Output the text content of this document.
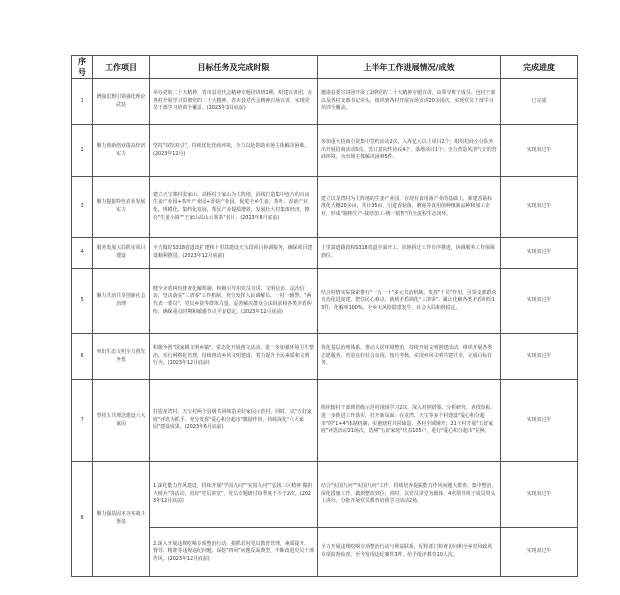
序号	工作项目	目标任务及完成时限	上半年工作进展情况/成效	完成进度
1	增强思想引领强化理论武装	举办党的二十大精神、省市县党代会精神专题培训班1期，组建宣讲团，在各村开展学习贯彻党的二十大精神、省市县党代会精神百场宣讲，实现党员干部学习培训全覆盖。(2023年3月底前)	邀请县委宣讲团开展了2期党的二十大精神专题宣讲，由领导班子成员、包村干部以及各村支部书记牵头，组织到各村开展百场宣讲20余场次，实现党员干部学习培训全覆盖。	已完成
2	聚力创新创业提高经济实力	坚持"双招双引"，持续优化营商环境，全力以赴帮助市场主体解决困难。(2023年12月)	参加重大招商引资集中签约活动2次，入库亿元以上项目2个；组织招商小分队外出开展招商活动5次，签订意向性协议4个，落地项目1个；全力营造风清气正的营商环境，为市场主体解决困难5件。	实现双过半
3	聚力提振特色农业发展实力	建立天宝寨村张家山、高桥村王家山为主阵地，沿线打造集中连片的百亩生姜产业园+茶叶产业园+香菇产业园，促进全乡生姜、茶叶、香菇产业化、规模化、集约化发展，帮民产业提质增效，发展壮大村集体经济，擦亮"生姜小镇""王家山高山云雾茶"名片。(2023年8月底前)	建立以龙湾村为主阵地的生姜产业园，在现有食用菌产业的基础上，新建香菇标准化大棚20余亩，共计35亩，引进香菇菌、蘑菇等食用菌种植新品种和加工企业，形成"制棒生产-栽培加工-统一销售"的全流程生态闭环。	实现双过半
4	服务发展大局抓实项目建设	全力做好S318省道改扩建和十里蒿建设天宝段项目协调服务，确保项目建设顺利推进。(2023年12月底前)	十里蒿道路段和S318省道全面开工，征地拆迁工作有序推进，协调服务工作保障到位。	实现双过半
5	聚力共治共享创新社会治理	健全矛盾纠纷排查化解机制，积极引导用党员宣讲、文明信访、法治信访，坚决落实"三清零"工作机制，充分发挥人民调解员、一村一辅警、"两代表一委员"、党员乡贤等群体力量，妥善解决群众合法诉求和各类矛盾纠纷，确保重点时期和敏感节点平安稳定。(2023年12月底前)	结合村情实际探索推行"一五一十"多元共治机制，发挥"十员"作用，引领支部群众自治化进度建，把住民心难点，就到矛盾调化"三清零"，累计化解各类矛盾纠纷13件，化解率100%，全乡无风险隐患发生，社会大局和谐稳定。	实现双过半
6	突出生态文明全力创先争优	积极争创"国家级文明乡镇"，常态化开展创文活动，进一步加强环境卫生整治、实行网格化管理，持续推动乡风文明建设，着力提升全民素质和文明行为。(2023年12月底前)	优化基层治理体系，推动人居环境整治，持续开展文明创建活动，组织开展各类志愿服务，营造良好社会氛围，按月考核，实现乡风文明共建共享，完成目标任务。	实现双过半
7	坚持五共理念建设六大家园	打造龙湾村、天宝村两个县级共同缔造美好家园示范村，同时，以"五好家庭"评选为抓手，充分发挥"爱心积分超市"激励作用，持续深化"六大家园"建设成果。(2023年6月底前)	组织辖村干部到省级示范村现场学习2次，深入对照借鉴、分析研究，查找短板，进一步推进工作落实，打开新局面；在龙湾、天宝等多个村建设"爱心积分超市"的"1+4"体制机制；实施辖村共同缔造，各村全域铺开；21个村开展"五好家庭"评选活动21场次，选树"五好家庭"代表105户，进行"爱心积分超市"兑换。	实现双过半
8	聚力强基固本夯实战斗堡垒	1.深化能力作风建设，持续开展"学国九问""实国九问""弘扬三区精神 做担大榜兵"等活动，用好"党员讲堂"，党员专题研讨每季度不少于2次。(2023年12月底前)	结合"实国九问""实国九问"工作，持续培养提振能力作风问题大排查、集中整治、深化措施工作，做到整改到位；同时，以党员讲堂为载体，4名领导班子成员带头上讲台，分批开展党员教育培训学习活动2场。	实现双过半
		2.深入开展违规吃喝专项整治行动，狠抓农村党员教育管理，素质提升、督导、精准等违规违纪问题，深挖"四风"问题反面典型，不断改进党员干部作风。(2023年12月底前)	全力开展违规吃喝专项整治行动与利益联系，纪检部门检查访问和全乡党风政风专项监督检查，至今发现违纪案件3件，给予批评教育10人次。	实现双过半
